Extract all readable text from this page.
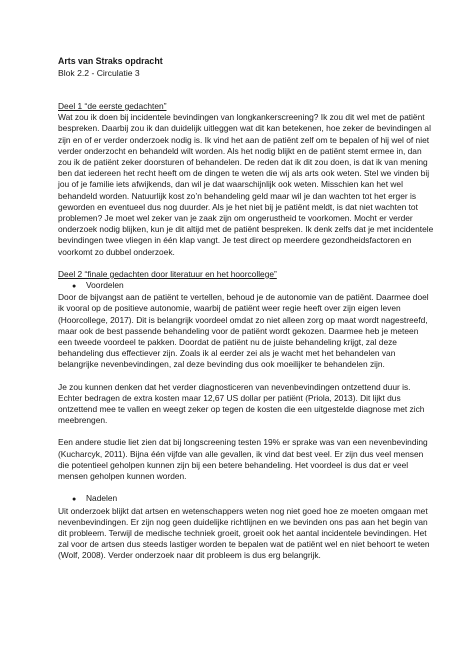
Arts van Straks opdracht
Blok 2.2 - Circulatie 3
Deel 1 “de eerste gedachten”

Wat zou ik doen bij incidentele bevindingen van longkankerscreening? Ik zou dit wel met de patiënt bespreken. Daarbij zou ik dan duidelijk uitleggen wat dit kan betekenen, hoe zeker de bevindingen al zijn en of er verder onderzoek nodig is. Ik vind het aan de patiënt zelf om te bepalen of hij wel of niet verder onderzocht en behandeld wilt worden. Als het nodig blijkt en de patiënt stemt ermee in, dan zou ik de patiënt zeker doorsturen of behandelen. De reden dat ik dit zou doen, is dat ik van mening ben dat iedereen het recht heeft om de dingen te weten die wij als arts ook weten. Stel we vinden bij jou of je familie iets afwijkends, dan wil je dat waarschijnlijk ook weten. Misschien kan het wel behandeld worden. Natuurlijk kost zo’n behandeling geld maar wil je dan wachten tot het erger is geworden en eventueel dus nog duurder. Als je het niet bij je patiënt meldt, is dat niet wachten tot problemen? Je moet wel zeker van je zaak zijn om ongerustheid te voorkomen. Mocht er verder onderzoek nodig blijken, kun je dit altijd met de patiënt bespreken. Ik denk zelfs dat je met incidentele bevindingen twee vliegen in één klap vangt. Je test direct op meerdere gezondheidsfactoren en voorkomt zo dubbel onderzoek.

Deel 2 “finale gedachten door literatuur en het hoorcollege”
●	Voordelen

Door de bijvangst aan de patiënt te vertellen, behoud je de autonomie van de patiënt. Daarmee doel ik vooral op de positieve autonomie, waarbij de patiënt weer regie heeft over zijn eigen leven (Hoorcollege, 2017). Dit is belangrijk voordeel omdat zo niet alleen zorg op maat wordt nagestreefd, maar ook de best passende behandeling voor de patiënt wordt gekozen. Daarmee heb je meteen een tweede voordeel te pakken. Doordat de patiënt nu de juiste behandeling krijgt, zal deze behandeling dus effectiever zijn. Zoals ik al eerder zei als je wacht met het behandelen van belangrijke nevenbevindingen, zal deze bevinding dus ook moeilijker te behandelen zijn.

Je zou kunnen denken dat het verder diagnosticeren van nevenbevindingen ontzettend duur is. Echter bedragen de extra kosten maar 12,67 US dollar per patiënt (Priola, 2013). Dit lijkt dus ontzettend mee te vallen en weegt zeker op tegen de kosten die een uitgestelde diagnose met zich meebrengen.

Een andere studie liet zien dat bij longscreening testen 19% er sprake was van een nevenbevinding (Kucharcyk, 2011). Bijna één vijfde van alle gevallen, ik vind dat best veel. Er zijn dus veel mensen die potentieel geholpen kunnen zijn bij een betere behandeling. Het voordeel is dus dat er veel mensen geholpen kunnen worden.

●	Nadelen

Uit onderzoek blijkt dat artsen en wetenschappers weten nog niet goed hoe ze moeten omgaan met nevenbevindingen. Er zijn nog geen duidelijke richtlijnen en we bevinden ons pas aan het begin van dit probleem. Terwijl de medische techniek groeit, groeit ook het aantal incidentele bevindingen. Het zal voor de artsen dus steeds lastiger worden te bepalen wat de patiënt wel en niet behoort te weten (Wolf, 2008). Verder onderzoek naar dit probleem is dus erg belangrijk.
